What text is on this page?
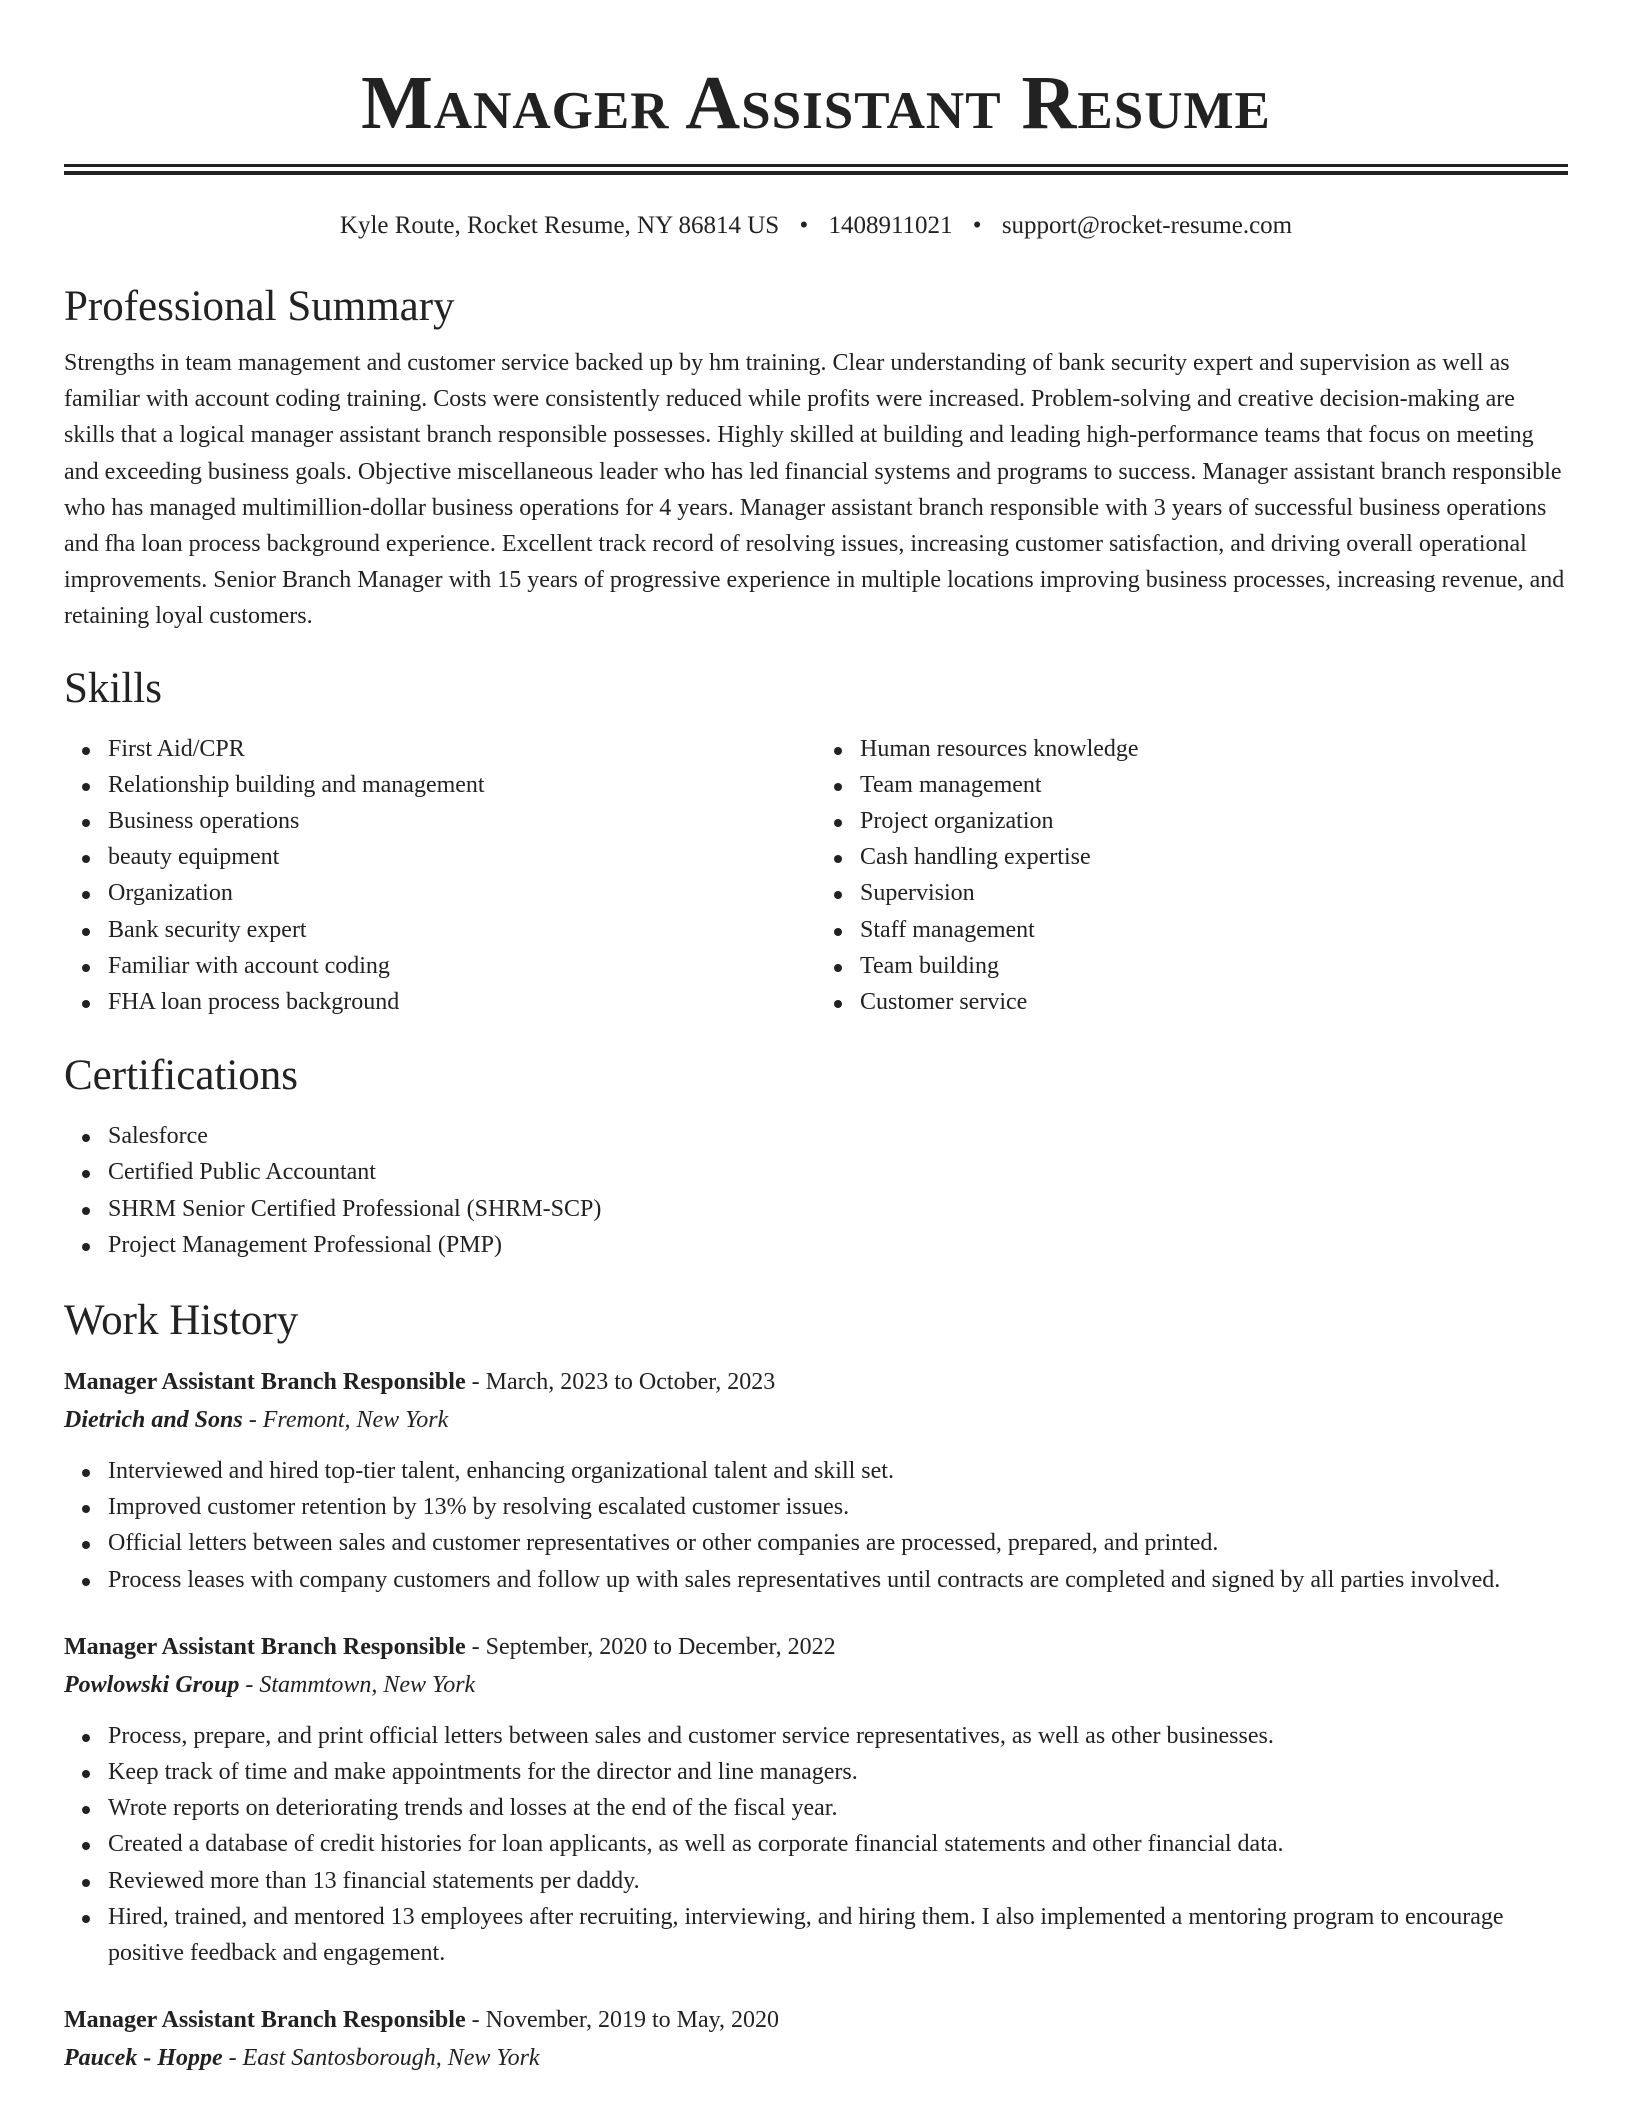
Manager Assistant Resume
Kyle Route, Rocket Resume, NY 86814 US • 1408911021 • support@rocket-resume.com
Professional Summary

Strengths in team management and customer service backed up by hm training. Clear understanding of bank security expert and supervision as well as familiar with account coding training. Costs were consistently reduced while profits were increased. Problem-solving and creative decision-making are skills that a logical manager assistant branch responsible possesses. Highly skilled at building and leading high-performance teams that focus on meeting and exceeding business goals. Objective miscellaneous leader who has led financial systems and programs to success. Manager assistant branch responsible who has managed multimillion-dollar business operations for 4 years. Manager assistant branch responsible with 3 years of successful business operations and fha loan process background experience. Excellent track record of resolving issues, increasing customer satisfaction, and driving overall operational improvements. Senior Branch Manager with 15 years of progressive experience in multiple locations improving business processes, increasing revenue, and retaining loyal customers.

Skills
First Aid/CPR
Relationship building and management
Business operations
beauty equipment
Organization
Bank security expert
Familiar with account coding
FHA loan process background
Human resources knowledge
Team management
Project organization
Cash handling expertise
Supervision
Staff management
Team building
Customer service
Certifications
Salesforce
Certified Public Accountant
SHRM Senior Certified Professional (SHRM-SCP)
Project Management Professional (PMP)
Work History
Manager Assistant Branch Responsible - March, 2023 to October, 2023
Dietrich and Sons - Fremont, New York
Interviewed and hired top-tier talent, enhancing organizational talent and skill set.
Improved customer retention by 13% by resolving escalated customer issues.
Official letters between sales and customer representatives or other companies are processed, prepared, and printed.
Process leases with company customers and follow up with sales representatives until contracts are completed and signed by all parties involved.
Manager Assistant Branch Responsible - September, 2020 to December, 2022
Powlowski Group - Stammtown, New York
Process, prepare, and print official letters between sales and customer service representatives, as well as other businesses.
Keep track of time and make appointments for the director and line managers.
Wrote reports on deteriorating trends and losses at the end of the fiscal year.
Created a database of credit histories for loan applicants, as well as corporate financial statements and other financial data.
Reviewed more than 13 financial statements per daddy.
Hired, trained, and mentored 13 employees after recruiting, interviewing, and hiring them. I also implemented a mentoring program to encourage positive feedback and engagement.
Manager Assistant Branch Responsible - November, 2019 to May, 2020
Paucek - Hoppe - East Santosborough, New York
